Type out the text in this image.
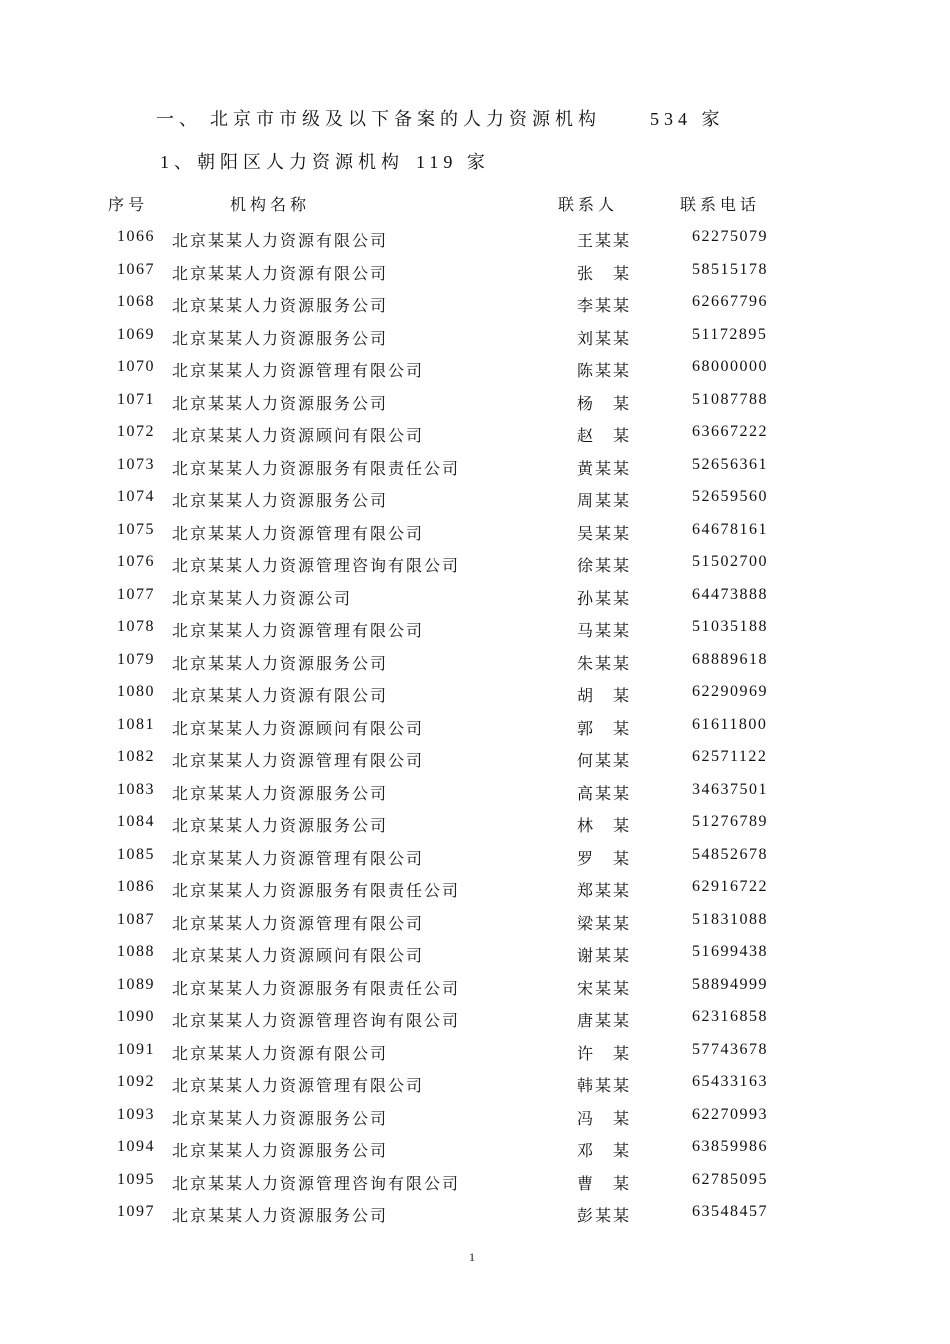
一、 北京市市级及以下备案的人力资源机构	534 家
1、朝阳区人力资源机构 119 家
序号	机构名称	联系人	联系电话
1066 北京某某人力资源有限公司	王某某	62275079
1067 北京某某人力资源有限公司	张　某	58515178
1068 北京某某人力资源服务公司	李某某	62667796
1069 北京某某人力资源服务公司	刘某某	51172895
1070 北京某某人力资源管理有限公司	陈某某	68000000
1071 北京某某人力资源服务公司	杨　某	51087788
1072 北京某某人力资源顾问有限公司	赵　某	63667222
1073 北京某某人力资源服务有限责任公司	黄某某	52656361
1074 北京某某人力资源服务公司	周某某	52659560
1075 北京某某人力资源管理有限公司	吴某某	64678161
1076 北京某某人力资源管理咨询有限公司	徐某某	51502700
1077 北京某某人力资源公司	孙某某	64473888
1078 北京某某人力资源管理有限公司	马某某	51035188
1079 北京某某人力资源服务公司	朱某某	68889618
1080 北京某某人力资源有限公司	胡　某	62290969
1081 北京某某人力资源顾问有限公司	郭　某	61611800
1082 北京某某人力资源管理有限公司	何某某	62571122
1083 北京某某人力资源服务公司	高某某	34637501
1084 北京某某人力资源服务公司	林　某	51276789
1085 北京某某人力资源管理有限公司	罗　某	54852678
1086 北京某某人力资源服务有限责任公司	郑某某	62916722
1087 北京某某人力资源管理有限公司	梁某某	51831088
1088 北京某某人力资源顾问有限公司	谢某某	51699438
1089 北京某某人力资源服务有限责任公司	宋某某	58894999
1090 北京某某人力资源管理咨询有限公司	唐某某	62316858
1091 北京某某人力资源有限公司	许　某	57743678
1092 北京某某人力资源管理有限公司	韩某某	65433163
1093 北京某某人力资源服务公司	冯　某	62270993
1094 北京某某人力资源服务公司	邓　某	63859986
1095 北京某某人力资源管理咨询有限公司	曹　某	62785095
1097 北京某某人力资源服务公司	彭某某	63548457
1
